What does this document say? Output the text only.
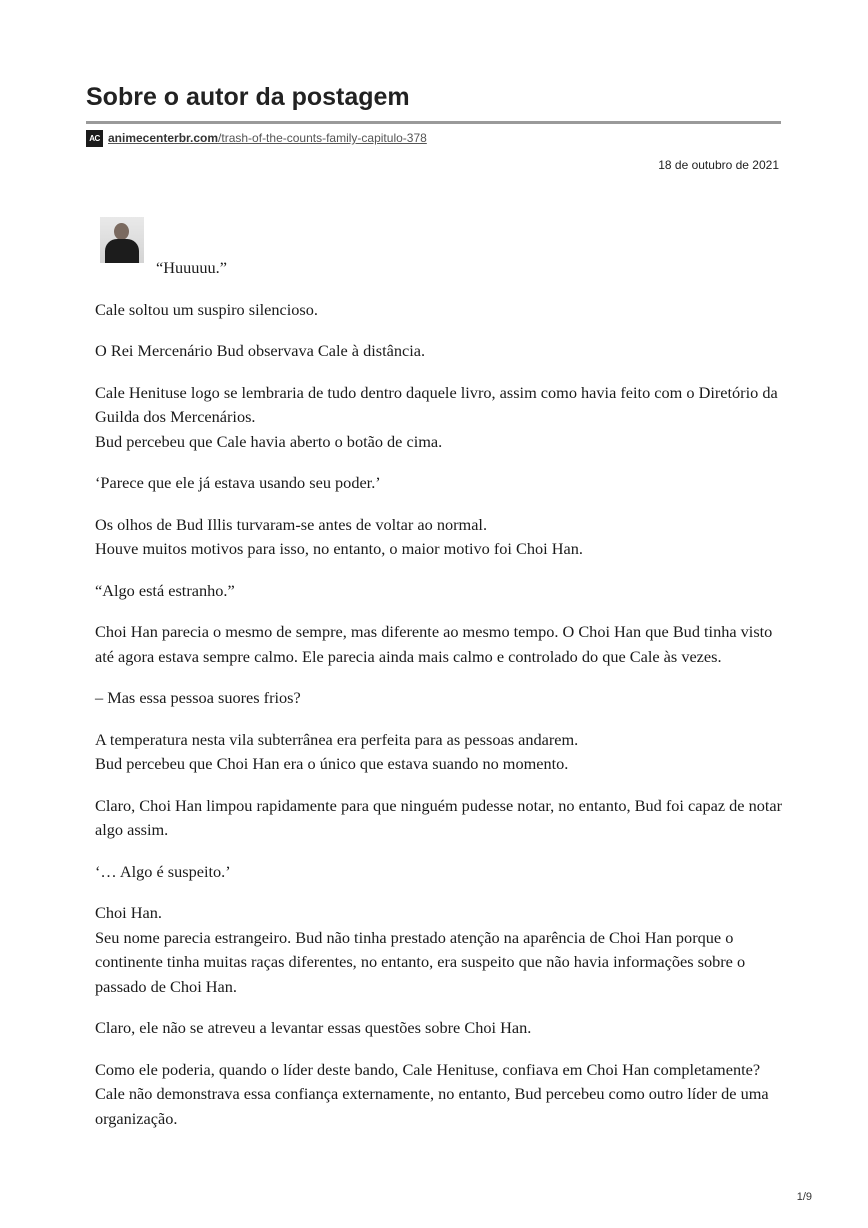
Sobre o autor da postagem
AC animecenterbr.com/trash-of-the-counts-family-capitulo-378
18 de outubro de 2021

“Huuuuu.”

Cale soltou um suspiro silencioso.

O Rei Mercenário Bud observava Cale à distância.

Cale Henituse logo se lembraria de tudo dentro daquele livro, assim como havia feito com o Diretório da Guilda dos Mercenários.
Bud percebeu que Cale havia aberto o botão de cima.

‘Parece que ele já estava usando seu poder.’

Os olhos de Bud Illis turvaram-se antes de voltar ao normal.
Houve muitos motivos para isso, no entanto, o maior motivo foi Choi Han.

“Algo está estranho.”

Choi Han parecia o mesmo de sempre, mas diferente ao mesmo tempo. O Choi Han que Bud tinha visto até agora estava sempre calmo. Ele parecia ainda mais calmo e controlado do que Cale às vezes.

– Mas essa pessoa suores frios?

A temperatura nesta vila subterrânea era perfeita para as pessoas andarem.
Bud percebeu que Choi Han era o único que estava suando no momento.

Claro, Choi Han limpou rapidamente para que ninguém pudesse notar, no entanto, Bud foi capaz de notar algo assim.

‘… Algo é suspeito.’

Choi Han.
Seu nome parecia estrangeiro. Bud não tinha prestado atenção na aparência de Choi Han porque o continente tinha muitas raças diferentes, no entanto, era suspeito que não havia informações sobre o passado de Choi Han.

Claro, ele não se atreveu a levantar essas questões sobre Choi Han.

Como ele poderia, quando o líder deste bando, Cale Henituse, confiava em Choi Han completamente? Cale não demonstrava essa confiança externamente, no entanto, Bud percebeu como outro líder de uma organização.

1/9
